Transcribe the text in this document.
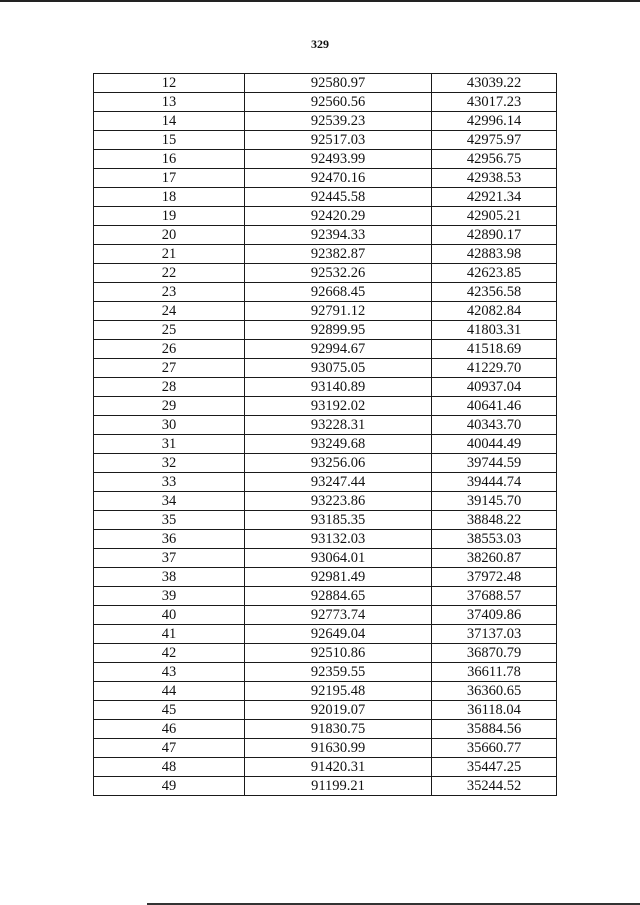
329
12	92580.97	43039.22
13	92560.56	43017.23
14	92539.23	42996.14
15	92517.03	42975.97
16	92493.99	42956.75
17	92470.16	42938.53
18	92445.58	42921.34
19	92420.29	42905.21
20	92394.33	42890.17
21	92382.87	42883.98
22	92532.26	42623.85
23	92668.45	42356.58
24	92791.12	42082.84
25	92899.95	41803.31
26	92994.67	41518.69
27	93075.05	41229.70
28	93140.89	40937.04
29	93192.02	40641.46
30	93228.31	40343.70
31	93249.68	40044.49
32	93256.06	39744.59
33	93247.44	39444.74
34	93223.86	39145.70
35	93185.35	38848.22
36	93132.03	38553.03
37	93064.01	38260.87
38	92981.49	37972.48
39	92884.65	37688.57
40	92773.74	37409.86
41	92649.04	37137.03
42	92510.86	36870.79
43	92359.55	36611.78
44	92195.48	36360.65
45	92019.07	36118.04
46	91830.75	35884.56
47	91630.99	35660.77
48	91420.31	35447.25
49	91199.21	35244.52
